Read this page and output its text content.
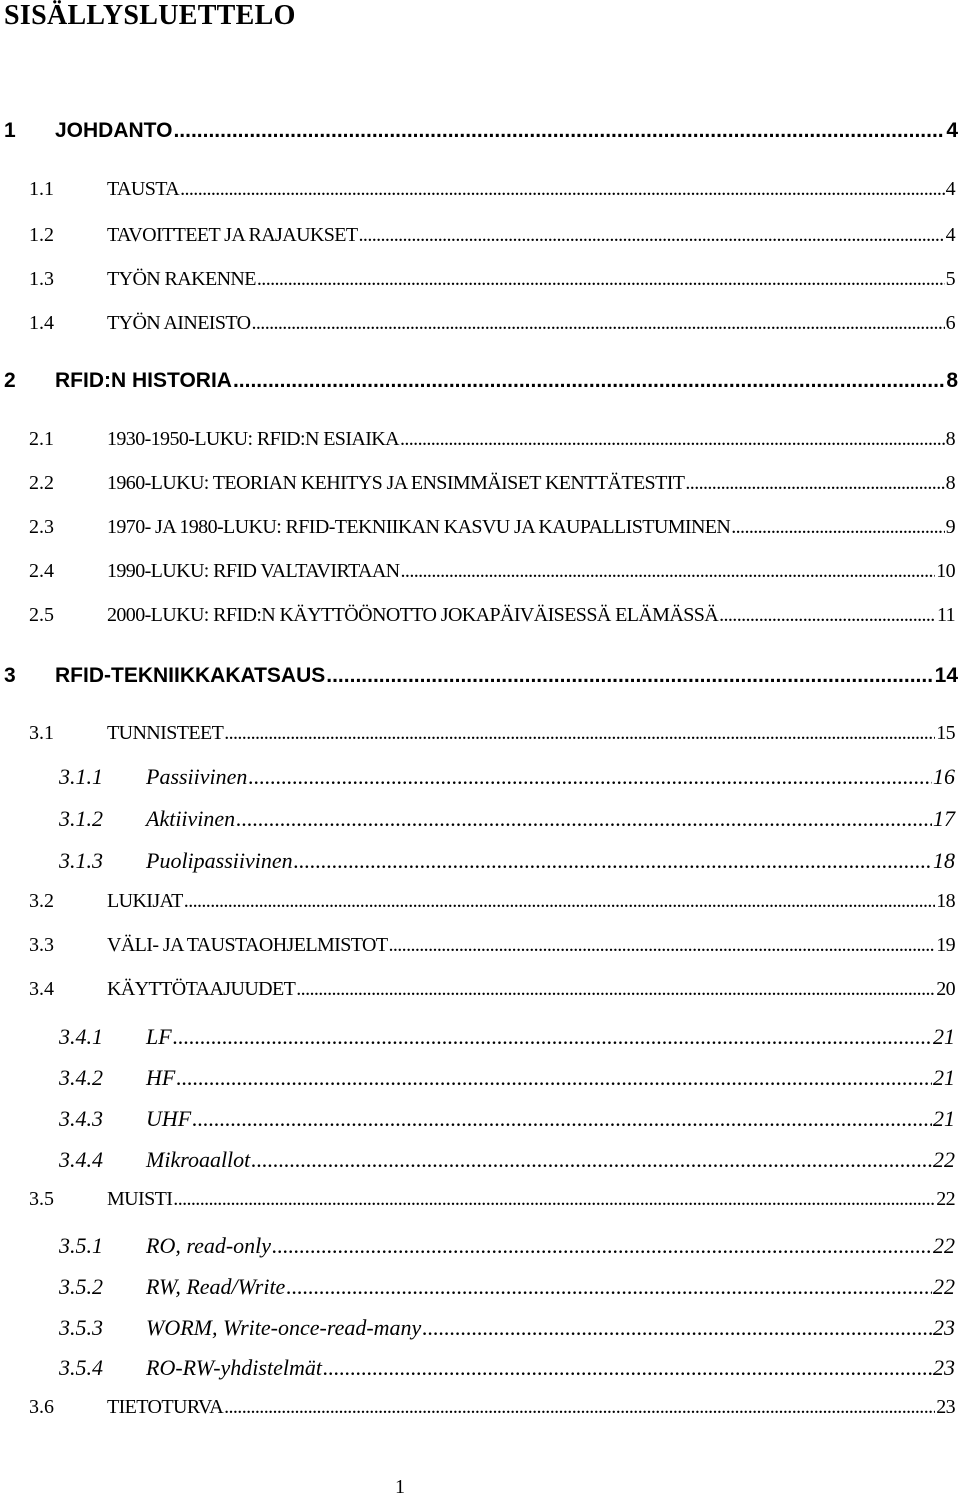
SISÄLLYSLUETTELO
1	JOHDANTO .....	4
1.1	TAUSTA .....	4
1.2	TAVOITTEET JA RAJAUKSET .....	4
1.3	TYÖN RAKENNE .....	5
1.4	TYÖN AINEISTO .....	6
2	RFID:N HISTORIA .....	8
2.1	1930-1950-LUKU: RFID:N ESIAIKA .....	8
2.2	1960-LUKU: TEORIAN KEHITYS JA ENSIMMÄISET KENTTÄTESTIT .....	8
2.3	1970- JA 1980-LUKU: RFID-TEKNIIKAN KASVU JA KAUPALLISTUMINEN .....	9
2.4	1990-LUKU: RFID VALTAVIRTAAN .....	10
2.5	2000-LUKU: RFID:N KÄYTTÖÖNOTTO JOKAPÄIVÄISESSÄ ELÄMÄSSÄ .....	11
3	RFID-TEKNIIKKAKATSAUS .....	14
3.1	TUNNISTEET .....	15
3.1.1	Passiivinen .....	16
3.1.2	Aktiivinen .....	17
3.1.3	Puolipassiivinen .....	18
3.2	LUKIJAT .....	18
3.3	VÄLI- JA TAUSTAOHJELMISTOT .....	19
3.4	KÄYTTÖTAAJUUDET .....	20
3.4.1	LF .....	21
3.4.2	HF .....	21
3.4.3	UHF .....	21
3.4.4	Mikroaallot .....	22
3.5	MUISTI .....	22
3.5.1	RO, read-only .....	22
3.5.2	RW, Read/Write .....	22
3.5.3	WORM, Write-once-read-many .....	23
3.5.4	RO-RW-yhdistelmät .....	23
3.6	TIETOTURVA .....	23
1
